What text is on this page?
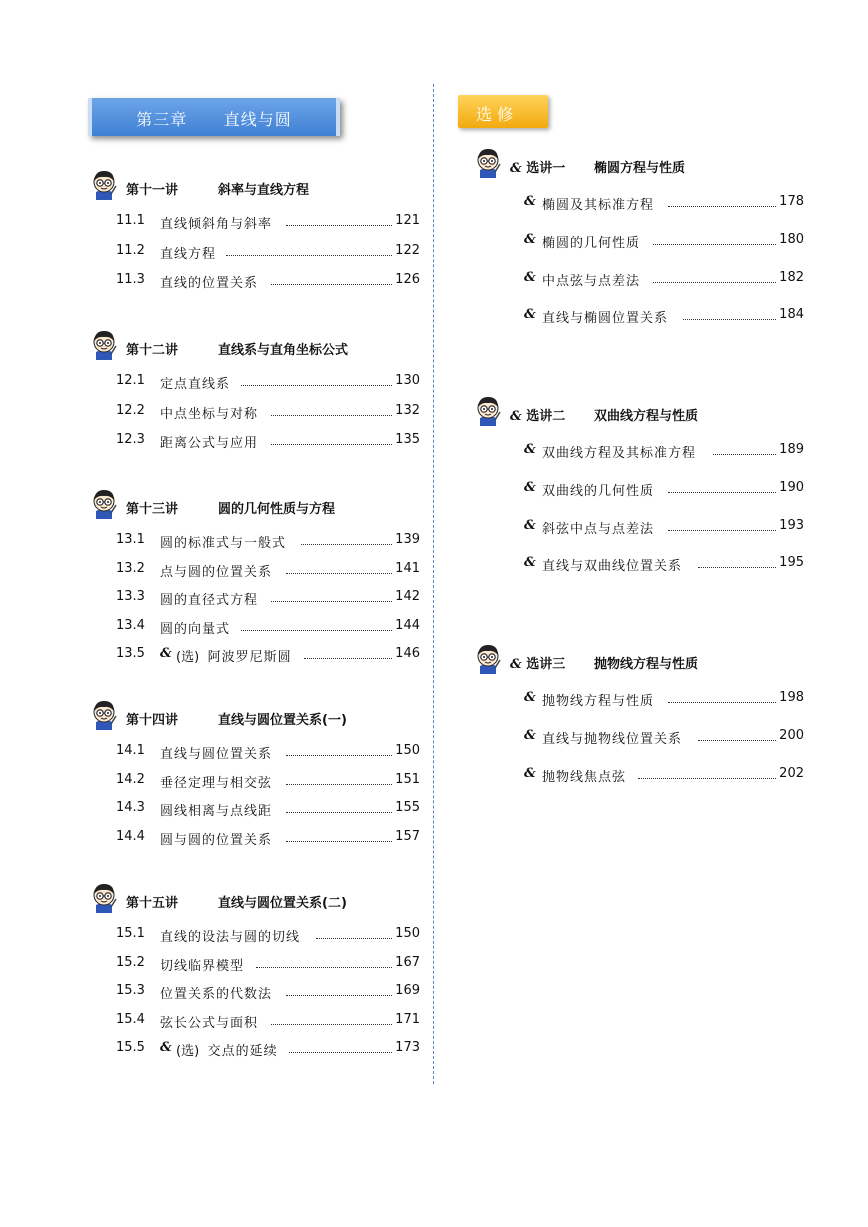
第三章 直线与圆	选 修
第十一讲	斜率与直线方程
11.1	直线倾斜角与斜率	121
11.2	直线方程	122
11.3	直线的位置关系	126
第十二讲	直线系与直角坐标公式
12.1	定点直线系	130
12.2	中点坐标与对称	132
12.3	距离公式与应用	135
第十三讲	圆的几何性质与方程
13.1	圆的标准式与一般式	139
13.2	点与圆的位置关系	141
13.3	圆的直径式方程	142
13.4	圆的向量式	144
13.5	& (选) 阿波罗尼斯圆	146
第十四讲	直线与圆位置关系(一)
14.1	直线与圆位置关系	150
14.2	垂径定理与相交弦	151
14.3	圆线相离与点线距	155
14.4	圆与圆的位置关系	157
第十五讲	直线与圆位置关系(二)
15.1	直线的设法与圆的切线	150
15.2	切线临界模型	167
15.3	位置关系的代数法	169
15.4	弦长公式与面积	171
15.5	& (选) 交点的延续	173
& 选讲一 椭圆方程与性质
& 椭圆及其标准方程	178
& 椭圆的几何性质	180
& 中点弦与点差法	182
& 直线与椭圆位置关系	184
& 选讲二 双曲线方程与性质
& 双曲线方程及其标准方程	189
& 双曲线的几何性质	190
& 斜弦中点与点差法	193
& 直线与双曲线位置关系	195
& 选讲三 抛物线方程与性质
& 抛物线方程与性质	198
& 直线与抛物线位置关系	200
& 抛物线焦点弦	202
